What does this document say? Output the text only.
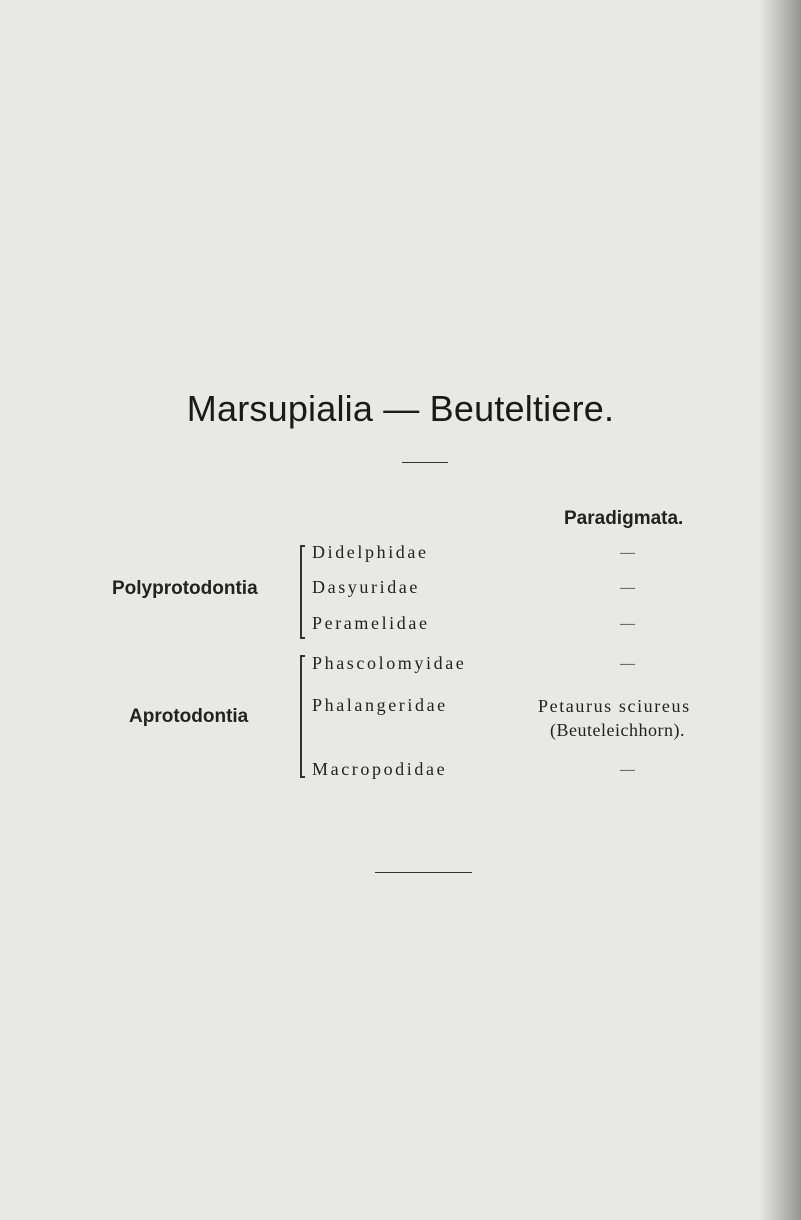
Marsupialia — Beuteltiere.
Paradigmata.
Polyprotodontia
Didelphidae	—
Dasyuridae	—
Peramelidae	—
Aprotodontia
Phascolomyidae	—
Phalangeridae	Petaurus sciureus
(Beuteleichhorn).
Macropodidae	—
